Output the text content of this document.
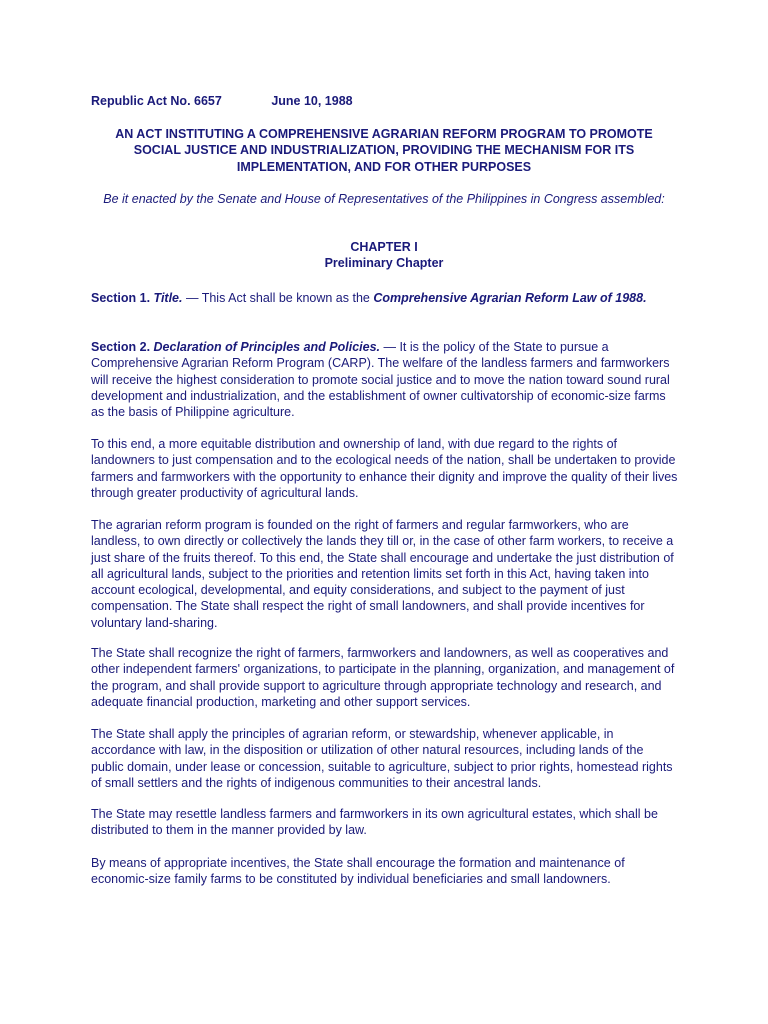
Republic Act No. 6657	June 10, 1988
AN ACT INSTITUTING A COMPREHENSIVE AGRARIAN REFORM PROGRAM TO PROMOTE SOCIAL JUSTICE AND INDUSTRIALIZATION, PROVIDING THE MECHANISM FOR ITS IMPLEMENTATION, AND FOR OTHER PURPOSES
Be it enacted by the Senate and House of Representatives of the Philippines in Congress assembled:
CHAPTER I
Preliminary Chapter

Section 1. Title. — This Act shall be known as the Comprehensive Agrarian Reform Law of 1988.

Section 2. Declaration of Principles and Policies. — It is the policy of the State to pursue a Comprehensive Agrarian Reform Program (CARP). The welfare of the landless farmers and farmworkers will receive the highest consideration to promote social justice and to move the nation toward sound rural development and industrialization, and the establishment of owner cultivatorship of economic-size farms as the basis of Philippine agriculture.

To this end, a more equitable distribution and ownership of land, with due regard to the rights of landowners to just compensation and to the ecological needs of the nation, shall be undertaken to provide farmers and farmworkers with the opportunity to enhance their dignity and improve the quality of their lives through greater productivity of agricultural lands.

The agrarian reform program is founded on the right of farmers and regular farmworkers, who are landless, to own directly or collectively the lands they till or, in the case of other farm workers, to receive a just share of the fruits thereof. To this end, the State shall encourage and undertake the just distribution of all agricultural lands, subject to the priorities and retention limits set forth in this Act, having taken into account ecological, developmental, and equity considerations, and subject to the payment of just compensation. The State shall respect the right of small landowners, and shall provide incentives for voluntary land-sharing.

The State shall recognize the right of farmers, farmworkers and landowners, as well as cooperatives and other independent farmers' organizations, to participate in the planning, organization, and management of the program, and shall provide support to agriculture through appropriate technology and research, and adequate financial production, marketing and other support services.

The State shall apply the principles of agrarian reform, or stewardship, whenever applicable, in accordance with law, in the disposition or utilization of other natural resources, including lands of the public domain, under lease or concession, suitable to agriculture, subject to prior rights, homestead rights of small settlers and the rights of indigenous communities to their ancestral lands.

The State may resettle landless farmers and farmworkers in its own agricultural estates, which shall be distributed to them in the manner provided by law.

By means of appropriate incentives, the State shall encourage the formation and maintenance of economic-size family farms to be constituted by individual beneficiaries and small landowners.
